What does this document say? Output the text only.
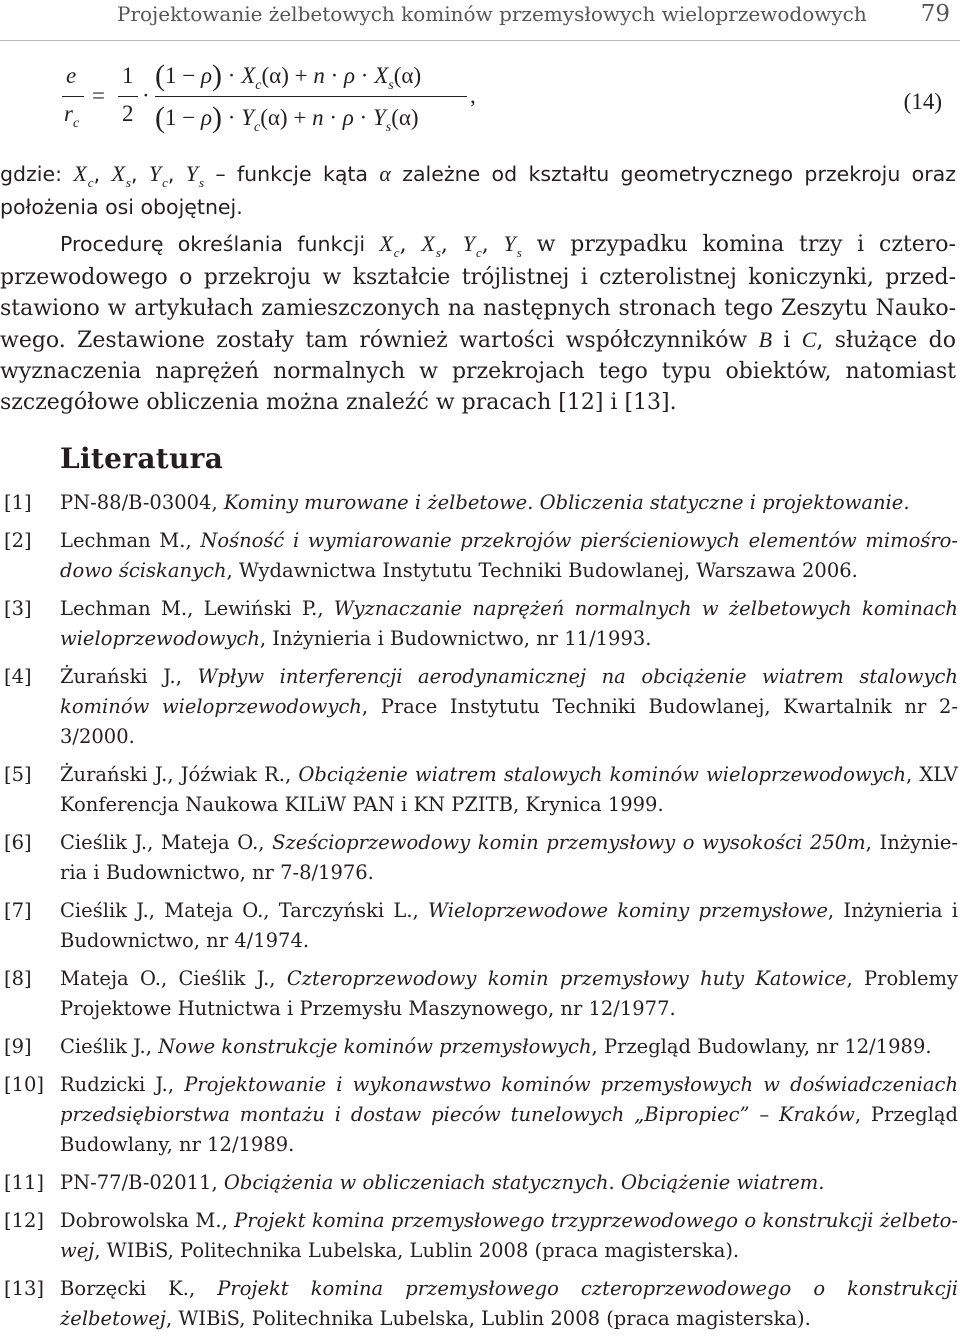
Projektowanie żelbetowych kominów przemysłowych wieloprzewodowych 79
e
$r_c$
=
1
2
·
$(1 - \rho) \cdot X_c(\alpha) + n \cdot \rho \cdot X_s(\alpha)$
$(1 - \rho) \cdot Y_c(\alpha) + n \cdot \rho \cdot Y_s(\alpha)$
,	(14)

gdzie: $X_c$, $X_s$, $Y_c$, $Y_s$ – funkcje kąta α zależne od kształtu geometrycznego przekroju oraz położenia osi obojętnej.

Procedurę określania funkcji $X_c$, $X_s$, $Y_c$, $Y_s$ w przypadku komina trzy i czteroprzewodowego o przekroju w kształcie trójlistnej i czterolistnej koniczynki, przedstawiono w artykułach zamieszczonych na następnych stronach tego Zeszytu Naukowego. Zestawione zostały tam również wartości współczynników B i C, służące do wyznaczenia naprężeń normalnych w przekrojach tego typu obiektów, natomiast szczegółowe obliczenia można znaleźć w pracach [12] i [13].

Literatura
[1] PN-88/B-03004, Kominy murowane i żelbetowe. Obliczenia statyczne i projektowanie.
[2] Lechman M., Nośność i wymiarowanie przekrojów pierścieniowych elementów mimośrodowo ściskanych, Wydawnictwa Instytutu Techniki Budowlanej, Warszawa 2006.
[3] Lechman M., Lewiński P., Wyznaczanie naprężeń normalnych w żelbetowych kominach wieloprzewodowych, Inżynieria i Budownictwo, nr 11/1993.
[4] Żurański J., Wpływ interferencji aerodynamicznej na obciążenie wiatrem stalowych kominów wieloprzewodowych, Prace Instytutu Techniki Budowlanej, Kwartalnik nr 2-3/2000.
[5] Żurański J., Jóźwiak R., Obciążenie wiatrem stalowych kominów wieloprzewodowych, XLV Konferencja Naukowa KILiW PAN i KN PZITB, Krynica 1999.
[6] Cieślik J., Mateja O., Sześcioprzewodowy komin przemysłowy o wysokości 250m, Inżynieria i Budownictwo, nr 7-8/1976.
[7] Cieślik J., Mateja O., Tarczyński L., Wieloprzewodowe kominy przemysłowe, Inżynieria i Budownictwo, nr 4/1974.
[8] Mateja O., Cieślik J., Czteroprzewodowy komin przemysłowy huty Katowice, Problemy Projektowe Hutnictwa i Przemysłu Maszynowego, nr 12/1977.
[9] Cieślik J., Nowe konstrukcje kominów przemysłowych, Przegląd Budowlany, nr 12/1989.
[10] Rudzicki J., Projektowanie i wykonawstwo kominów przemysłowych w doświadczeniach przedsiębiorstwa montażu i dostaw pieców tunelowych „Bipropiec” – Kraków, Przegląd Budowlany, nr 12/1989.
[11] PN-77/B-02011, Obciążenia w obliczeniach statycznych. Obciążenie wiatrem.
[12] Dobrowolska M., Projekt komina przemysłowego trzyprzewodowego o konstrukcji żelbetowej, WIBiS, Politechnika Lubelska, Lublin 2008 (praca magisterska).
[13] Borzęcki K., Projekt komina przemysłowego czteroprzewodowego o konstrukcji żelbetowej, WIBiS, Politechnika Lubelska, Lublin 2008 (praca magisterska).
